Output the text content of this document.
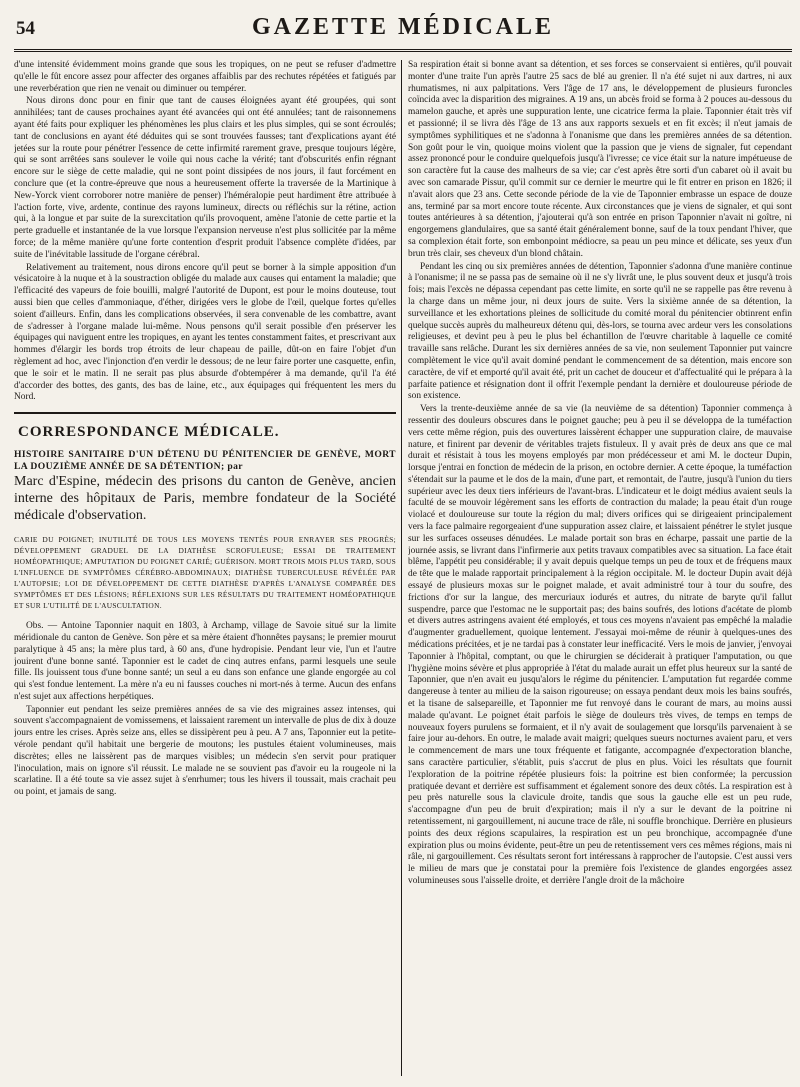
54	GAZETTE MÉDICALE

d'une intensité évidemment moins grande que sous les tropiques, on ne peut se refuser d'admettre qu'elle le fût encore assez pour affecter des organes affaiblis par des rechutes répétées et fatigués par une reverbération que rien ne venait ou diminuer ou tempérer.

Nous dirons donc pour en finir que tant de causes éloignées ayant été groupées, qui sont annihilées; tant de causes prochaines ayant été avancées qui ont été annulées; tant de raisonnemens ayant été faits pour expliquer les phénomènes les plus clairs et les plus simples, qui se sont écroulés; tant de conclusions en ayant été déduites qui se sont trouvées fausses; tant d'explications ayant été jetées sur la route pour pénétrer l'essence de cette infirmité rarement grave, presque toujours légère, qui se sont arrêtées sans soulever le voile qui nous cache la vérité; tant d'obscurités enfin régnant encore sur le siège de cette maladie, qui ne sont point dissipées de nos jours, il faut forcément en conclure que (et la contre-épreuve que nous a heureusement offerte la traversée de la Martinique à New-Yorck vient corroborer notre manière de penser) l'héméralopie peut hardiment être attribuée à l'action forte, vive, ardente, continue des rayons lumineux, directs ou réfléchis sur la rétine, action qui, à la longue et par suite de la surexcitation qu'ils provoquent, amène l'atonie de cette partie et la perte graduelle et instantanée de la vue lorsque l'expansion nerveuse n'est plus sollicitée par la même force; de la même manière qu'une forte contention d'esprit produit l'absence complète d'idées, par suite de l'inévitable lassitude de l'organe cérébral.

Relativement au traitement, nous dirons encore qu'il peut se borner à la simple apposition d'un vésicatoire à la nuque et à la soustraction obligée du malade aux causes qui entament la maladie; que l'efficacité des vapeurs de foie bouilli, malgré l'autorité de Dupont, est pour le moins douteuse, tout aussi bien que celles d'ammoniaque, d'éther, dirigées vers le globe de l'œil, quelque fortes qu'elles soient d'ailleurs. Enfin, dans les complications observées, il sera convenable de les combattre, avant de s'adresser à l'organe malade lui-même. Nous pensons qu'il serait possible d'en préserver les équipages qui naviguent entre les tropiques, en ayant les tentes constamment faites, et prescrivant aux hommes d'élargir les bords trop étroits de leur chapeau de paille, dût-on en faire l'objet d'un règlement ad hoc, avec l'injonction d'en verdir le dessous; de ne leur faire porter une casquette, enfin, que le soir et le matin. Il ne serait pas plus absurde d'obtempérer à ma demande, qu'il l'a été d'accorder des bottes, des gants, des bas de laine, etc., aux équipages qui fréquentent les mers du Nord.

CORRESPONDANCE MÉDICALE.
HISTOIRE SANITAIRE D'UN DÉTENU DU PÉNITENCIER DE GENÈVE, MORT LA DOUZIÈME ANNÉE DE SA DÉTENTION; par
Marc d'Espine, médecin des prisons du canton de Genève, ancien interne des hôpitaux de Paris, membre fondateur de la Société médicale d'observation.
CARIE DU POIGNET; INUTILITÉ DE TOUS LES MOYENS TENTÉS POUR ENRAYER SES PROGRÈS; DÉVELOPPEMENT GRADUEL DE LA DIATHÈSE SCROFULEUSE; ESSAI DE TRAITEMENT HOMÉOPATHIQUE; AMPUTATION DU POIGNET CARIÉ; GUÉRISON. MORT TROIS MOIS PLUS TARD, SOUS L'INFLUENCE DE SYMPTÔMES CÉRÉBRO-ABDOMINAUX; DIATHÈSE TUBERCULEUSE RÉVÉLÉE PAR L'AUTOPSIE; LOI DE DÉVELOPPEMENT DE CETTE DIATHÈSE D'APRÈS L'ANALYSE COMPARÉE DES SYMPTÔMES ET DES LÉSIONS; RÉFLEXIONS SUR LES RÉSULTATS DU TRAITEMENT HOMÉOPATHIQUE ET SUR L'UTILITÉ DE L'AUSCULTATION.

Obs. — Antoine Taponnier naquit en 1803, à Archamp, village de Savoie situé sur la limite méridionale du canton de Genève. Son père et sa mère étaient d'honnêtes paysans; le premier mourut paralytique à 45 ans; la mère plus tard, à 60 ans, d'une hydropisie. Pendant leur vie, l'un et l'autre jouirent d'une bonne santé. Taponnier est le cadet de cinq autres enfans, parmi lesquels une seule fille. Ils jouissent tous d'une bonne santé; un seul a eu dans son enfance une glande engorgée au col qui s'est fondue lentement. La mère n'a eu ni fausses couches ni mort-nés à terme. Aucun des enfans n'est sujet aux affections herpétiques.

Taponnier eut pendant les seize premières années de sa vie des migraines assez intenses, qui souvent s'accompagnaient de vomissemens, et laissaient rarement un intervalle de plus de dix à douze jours entre les crises. Après seize ans, elles se dissipèrent peu à peu. A 7 ans, Taponnier eut la petite-vérole pendant qu'il habitait une bergerie de moutons; les pustules étaient volumineuses, mais discrètes; elles ne laissèrent pas de marques visibles; un médecin s'en servit pour pratiquer l'inoculation, mais on ignore s'il réussit. Le malade ne se souvient pas d'avoir eu la rougeole ni la scarlatine. Il a été toute sa vie assez sujet à s'enrhumer; tous les hivers il toussait, mais crachait peu ou point, et jamais de sang.

Sa respiration était si bonne avant sa détention, et ses forces se conservaient si entières, qu'il pouvait monter d'une traite l'un après l'autre 25 sacs de blé au grenier. Il n'a été sujet ni aux dartres, ni aux rhumatismes, ni aux palpitations. Vers l'âge de 17 ans, le développement de plusieurs furoncles coïncida avec la disparition des migraines. A 19 ans, un abcès froid se forma à 2 pouces au-dessous du mamelon gauche, et après une suppuration lente, une cicatrice ferma la plaie. Taponnier était très vif et passionné; il se livra dès l'âge de 13 ans aux rapports sexuels et en fit excès; il n'eut jamais de symptômes syphilitiques et ne s'adonna à l'onanisme que dans les premières années de sa détention. Son goût pour le vin, quoique moins violent que la passion que je viens de signaler, fut cependant assez prononcé pour le conduire quelquefois jusqu'à l'ivresse; ce vice était sur la nature impétueuse de son caractère fut la cause des malheurs de sa vie; car c'est après être sorti d'un cabaret où il avait bu avec son camarade Pissur, qu'il commit sur ce dernier le meurtre qui le fit entrer en prison en 1826; il n'avait alors que 23 ans. Cette seconde période de la vie de Taponnier embrasse un espace de douze ans, terminé par sa mort encore toute récente. Aux circonstances que je viens de signaler, et qui sont toutes antérieures à sa détention, j'ajouterai qu'à son entrée en prison Taponnier n'avait ni goître, ni engorgemens glandulaires, que sa santé était généralement bonne, sauf de la toux pendant l'hiver, que sa complexion était forte, son embonpoint médiocre, sa peau un peu mince et délicate, ses yeux d'un brun très clair, ses cheveux d'un blond châtain.

Pendant les cinq ou six premières années de détention, Taponnier s'adonna d'une manière continue à l'onanisme; il ne se passa pas de semaine où il ne s'y livrât une, le plus souvent deux et jusqu'à trois fois; mais l'excès ne dépassa cependant pas cette limite, en sorte qu'il ne se rappelle pas être revenu à la charge dans un même jour, ni deux jours de suite. Vers la sixième année de sa détention, la surveillance et les exhortations pleines de sollicitude du comité moral du pénitencier obtinrent enfin quelque succès auprès du malheureux détenu qui, dès-lors, se tourna avec ardeur vers les consolations religieuses, et devint peu à peu le plus bel échantillon de l'œuvre charitable à laquelle ce comité travaille sans relâche. Durant les six dernières années de sa vie, non seulement Taponnier put vaincre complètement le vice qu'il avait dominé pendant le commencement de sa détention, mais encore son caractère, de vif et emporté qu'il avait été, prit un cachet de douceur et d'affectualité qui le prépara à la parfaite patience et résignation dont il offrit l'exemple pendant la dernière et douloureuse période de son existence.

Vers la trente-deuxième année de sa vie (la neuvième de sa détention) Taponnier commença à ressentir des douleurs obscures dans le poignet gauche; peu à peu il se développa de la tuméfaction vers cette même région, puis des ouvertures laissèrent échapper une suppuration claire, de mauvaise nature, et finirent par devenir de véritables trajets fistuleux. Il y avait près de deux ans que ce mal durait et résistait à tous les moyens employés par mon prédécesseur et ami M. le docteur Dupin, lorsque j'entrai en fonction de médecin de la prison, en octobre dernier. A cette époque, la tuméfaction s'étendait sur la paume et le dos de la main, d'une part, et remontait, de l'autre, jusqu'à l'union du tiers supérieur avec les deux tiers inférieurs de l'avant-bras. L'indicateur et le doigt médius avaient seuls la faculté de se mouvoir légèrement sans les efforts de contraction du malade; la peau était d'un rouge violacé et douloureuse sur toute la région du mal; divers orifices qui se dirigeaient principalement vers la face palmaire regorgeaient d'une suppuration assez claire, et laissaient pénétrer le stylet jusque sur les surfaces osseuses dénudées. Le malade portait son bras en écharpe, passait une partie de la journée assis, se livrant dans l'infirmerie aux petits travaux compatibles avec sa situation. La face était blême, l'appétit peu considérable; il y avait depuis quelque temps un peu de toux et de fréquens maux de tête que le malade rapportait principalement à la région occipitale. M. le docteur Dupin avait déjà essayé de plusieurs moxas sur le poignet malade, et avait administré tour à tour du soufre, des frictions d'or sur la langue, des mercuriaux iodurés et autres, du nitrate de baryte qu'il fallut suspendre, parce que l'estomac ne le supportait pas; des bains soufrés, des lotions d'acétate de plomb et divers autres astringens avaient été employés, et tous ces moyens n'avaient pas empêché la maladie d'augmenter graduellement, quoique lentement. J'essayai moi-même de réunir à quelques-unes des médications précitées, et je ne tardai pas à constater leur inefficacité. Vers le mois de janvier, j'envoyai Taponnier à l'hôpital, comptant, ou que le chirurgien se déciderait à pratiquer l'amputation, ou que l'hygiène moins sévère et plus appropriée à l'état du malade aurait un effet plus heureux sur la santé de Taponnier, que n'en avait eu jusqu'alors le régime du pénitencier. L'amputation fut regardée comme dangereuse à tenter au milieu de la saison rigoureuse; on essaya pendant deux mois les bains soufrés, et la tisane de salsepareille, et Taponnier me fut renvoyé dans le courant de mars, au moins aussi malade qu'avant. Le poignet était parfois le siège de douleurs très vives, de temps en temps de nouveaux foyers purulens se formaient, et il n'y avait de soulagement que lorsqu'ils parvenaient à se faire jour au-dehors. En outre, le malade avait maigri; quelques sueurs nocturnes avaient paru, et vers le commencement de mars une toux fréquente et fatigante, accompagnée d'expectoration blanche, sans caractère particulier, s'établit, puis s'accrut de plus en plus. Voici les résultats que fournit l'exploration de la poitrine répétée plusieurs fois: la poitrine est bien conformée; la percussion pratiquée devant et derrière est suffisamment et également sonore des deux côtés. La respiration est à peu près naturelle sous la clavicule droite, tandis que sous la gauche elle est un peu rude, s'accompagne d'un peu de bruit d'expiration; mais il n'y a sur le devant de la poitrine ni retentissement, ni gargouillement, ni aucune trace de râle, ni souffle bronchique. Derrière en plusieurs points des deux régions scapulaires, la respiration est un peu bronchique, accompagnée d'une expiration plus ou moins évidente, peut-être un peu de retentissement vers ces mêmes régions, mais ni râle, ni gargouillement. Ces résultats seront fort intéressans à rapprocher de l'autopsie. C'est aussi vers le milieu de mars que je constatai pour la première fois l'existence de glandes engorgées assez volumineuses sous l'aisselle droite, et derrière l'angle droit de la mâchoire
